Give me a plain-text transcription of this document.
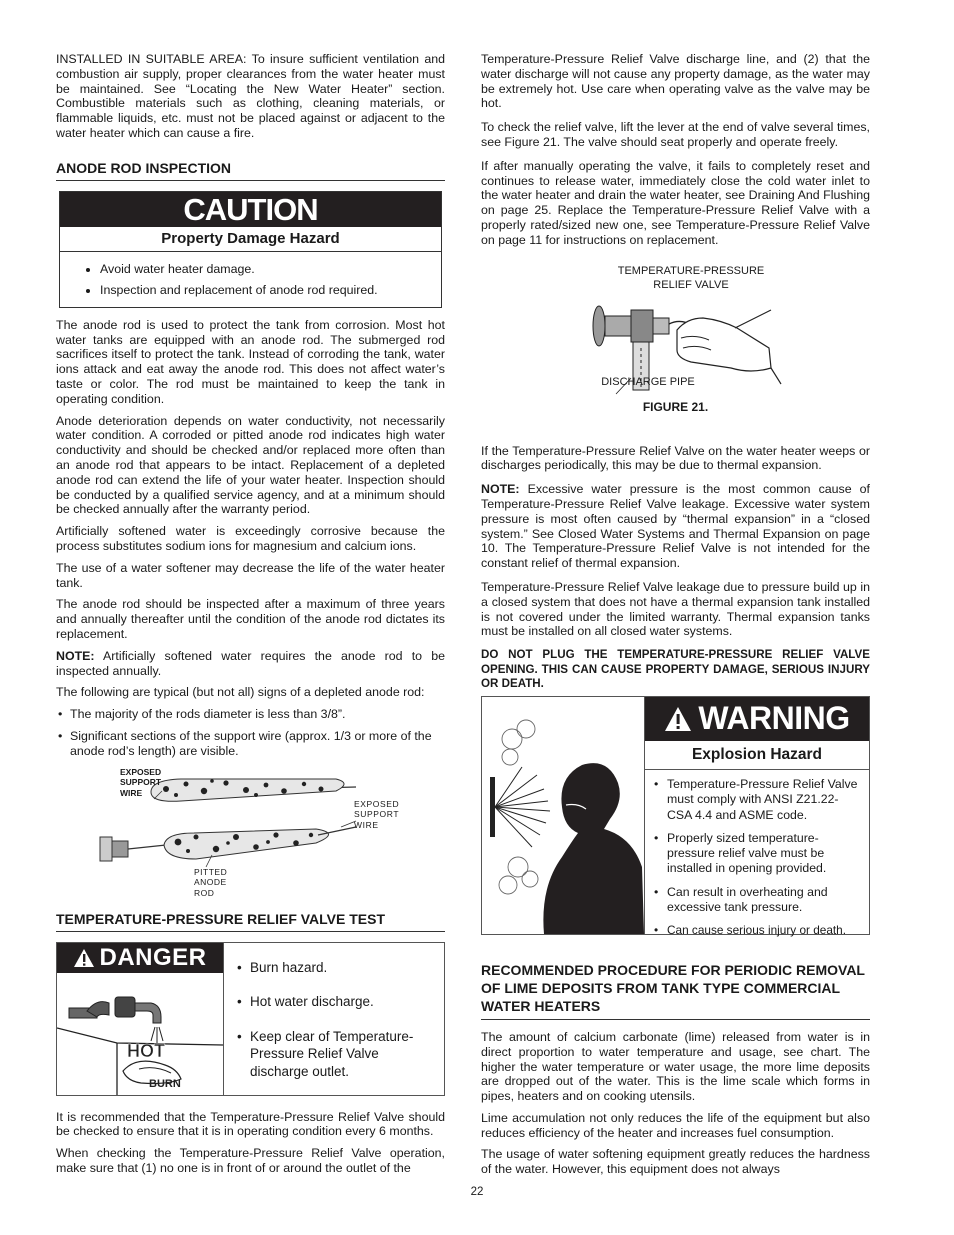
INSTALLED IN SUITABLE AREA: To insure sufficient ventilation and combustion air supply, proper clearances from the water heater must be maintained. See “Locating the New Water Heater” section. Combustible materials such as clothing, cleaning materials, or flammable liquids, etc. must not be placed against or adjacent to the water heater which can cause a fire.

ANODE ROD INSPECTION
CAUTION
Property Damage Hazard
• Avoid water heater damage.
• Inspection and replacement of anode rod required.

The anode rod is used to protect the tank from corrosion. Most hot water tanks are equipped with an anode rod. The submerged rod sacrifices itself to protect the tank. Instead of corroding the tank, water ions attack and eat away the anode rod. This does not affect water’s taste or color. The rod must be maintained to keep the tank in operating condition.

Anode deterioration depends on water conductivity, not necessarily water condition. A corroded or pitted anode rod indicates high water conductivity and should be checked and/or replaced more often than an anode rod that appears to be intact. Replacement of a depleted anode rod can extend the life of your water heater. Inspection should be conducted by a qualified service agency, and at a minimum should be checked annually after the warranty period.

Artificially softened water is exceedingly corrosive because the process substitutes sodium ions for magnesium and calcium ions.

The use of a water softener may decrease the life of the water heater tank.

The anode rod should be inspected after a maximum of three years and annually thereafter until the condition of the anode rod dictates its replacement.

NOTE: Artificially softened water requires the anode rod to be inspected annually.

The following are typical (but not all) signs of a depleted anode rod:

• The majority of the rods diameter is less than 3/8”.
• Significant sections of the support wire (approx. 1/3 or more of the anode rod’s length) are visible.
EXPOSED SUPPORT WIRE
EXPOSED SUPPORT WIRE
PITTED ANODE ROD
TEMPERATURE-PRESSURE RELIEF VALVE TEST
DANGER
HOT
BURN
• Burn hazard.
• Hot water discharge.
• Keep clear of Temperature-Pressure Relief Valve discharge outlet.

It is recommended that the Temperature-Pressure Relief Valve should be checked to ensure that it is in operating condition every 6 months.

When checking the Temperature-Pressure Relief Valve operation, make sure that (1) no one is in front of or around the outlet of the

Temperature-Pressure Relief Valve discharge line, and (2) that the water discharge will not cause any property damage, as the water may be extremely hot. Use care when operating valve as the valve may be hot.

To check the relief valve, lift the lever at the end of valve several times, see Figure 21. The valve should seat properly and operate freely.

If after manually operating the valve, it fails to completely reset and continues to release water, immediately close the cold water inlet to the water heater and drain the water heater, see Draining And Flushing on page 25. Replace the Temperature-Pressure Relief Valve with a properly rated/sized new one, see Temperature-Pressure Relief Valve on page 11 for instructions on replacement.

TEMPERATURE-PRESSURE
RELIEF VALVE
DISCHARGE PIPE
FIGURE 21.

If the Temperature-Pressure Relief Valve on the water heater weeps or discharges periodically, this may be due to thermal expansion.

NOTE: Excessive water pressure is the most common cause of Temperature-Pressure Relief Valve leakage. Excessive water system pressure is most often caused by “thermal expansion” in a “closed system.” See Closed Water Systems and Thermal Expansion on page 10. The Temperature-Pressure Relief Valve is not intended for the constant relief of thermal expansion.

Temperature-Pressure Relief Valve leakage due to pressure build up in a closed system that does not have a thermal expansion tank installed is not covered under the limited warranty. Thermal expansion tanks must be installed on all closed water systems.

DO NOT PLUG THE TEMPERATURE-PRESSURE RELIEF VALVE OPENING. THIS CAN CAUSE PROPERTY DAMAGE, SERIOUS INJURY OR DEATH.

WARNING
Explosion Hazard
• Temperature-Pressure Relief Valve must comply with ANSI Z21.22-CSA 4.4 and ASME code.
• Properly sized temperature-pressure relief valve must be installed in opening provided.
• Can result in overheating and excessive tank pressure.
• Can cause serious injury or death.
RECOMMENDED PROCEDURE FOR PERIODIC REMOVAL OF LIME DEPOSITS FROM TANK TYPE COMMERCIAL WATER HEATERS

The amount of calcium carbonate (lime) released from water is in direct proportion to water temperature and usage, see chart. The higher the water temperature or water usage, the more lime deposits are dropped out of the water. This is the lime scale which forms in pipes, heaters and on cooking utensils.

Lime accumulation not only reduces the life of the equipment but also reduces efficiency of the heater and increases fuel consumption.

The usage of water softening equipment greatly reduces the hardness of the water. However, this equipment does not always

22
